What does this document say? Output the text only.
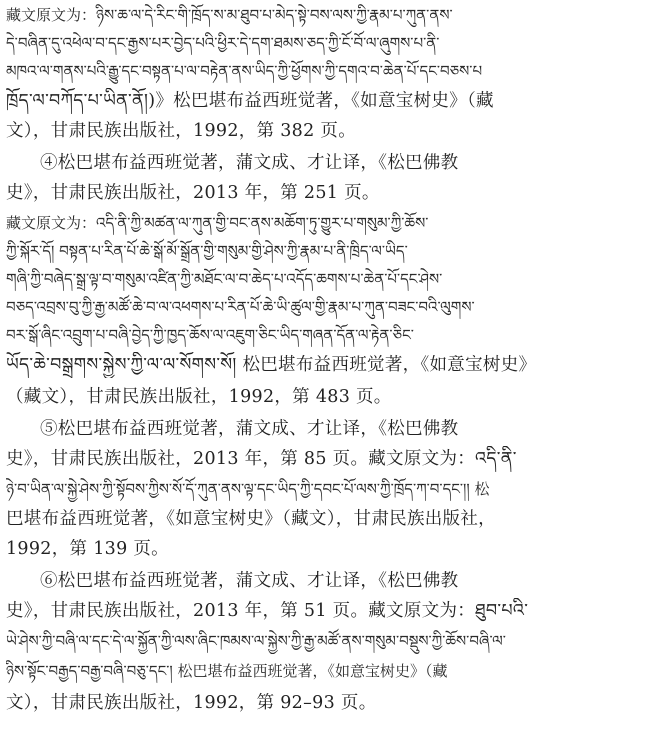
藏文原文为：ཉིས་ཆ་ལ་དེ་རིང་གི་ཁྲོད་ས་མ་ཐུབ་པ་མེད་སྟེ་བས་ལས་ཀྱི་རྣམ་པ་ཀུན་ནས་
དེ་བཞིན་དུ་འཕེལ་བ་དང་རྒྱས་པར་བྱེད་པའི་ཕྱིར་དེ་དག་ཐམས་ཅད་ཀྱི་ངོ་བོ་ལ་ཞུགས་པ་ནི་
མཁའ་ལ་གནས་པའི་རྒྱུ་དང་བསྟན་པ་ལ་བརྟེན་ནས་ཡིད་ཀྱི་ཕྱོགས་ཀྱི་དགའ་བ་ཆེན་པོ་དང་བཅས་པ
ཁྲོད་ལ་བཀོད་པ་ཡིན་ནོ།)》松巴堪布益西班觉著，《如意宝树史》（藏
文），甘肃民族出版社，1992，第 382 页。
④松巴堪布益西班觉著，蒲文成、才让译，《松巴佛教
史》，甘肃民族出版社，2013 年，第 251 页。
藏文原文为：འདི་ནི་ཀྱི་མཚན་ལ་ཀུན་གྱི་བང་ནས་མཆོག་ཏུ་གྱུར་པ་གསུམ་ཀྱི་ཆོས་
ཀྱི་སྐོར་དོ། བསྟན་པ་རིན་པོ་ཆེ་སྒོ་མོ་སྒྲོན་གྱི་གསུམ་གྱི་ཤེས་ཀྱི་རྣམ་པ་ནི་ཁྲིད་ལ་ཡིད་
གཞི་ཀྱི་བཞེད་སྒྲ་ལྟ་བ་གསུམ་འཛིན་ཀྱི་མཐོང་ལ་བ་ཆེད་པ་འདོད་ཆགས་པ་ཆེན་པོ་དང་ཤེས་
བཅད་འབྲས་བུ་ཀྱི་རྒྱ་མཚོ་ཆེ་བ་ལ་འཕགས་པ་རིན་པོ་ཆེ་ཡི་ཚུལ་གྱི་རྣམ་པ་ཀུན་བཟང་བའི་ལུགས་
བར་སྒོ་ཞིང་འབྲུག་པ་བཞི་བྱེད་ཀྱི་ཁྱད་ཆོས་ལ་འཇུག་ཅིང་ཡིད་གཞན་དོན་ལ་རྟེན་ཅིང་
ཡོད་ཆེ་བསྒྲགས་སྐྱེས་ཀྱི་ལ་ལ་སོགས་སོ། 松巴堪布益西班觉著，《如意宝树史》
（藏文），甘肃民族出版社，1992，第 483 页。
⑤松巴堪布益西班觉著，蒲文成、才让译，《松巴佛教
史》，甘肃民族出版社，2013 年，第 85 页。藏文原文为：འདི་ནི་
ཉེ་བ་ཡིན་ལ་སྐྱེ་ཤེས་ཀྱི་སྟོབས་ཀྱིས་སོ་དོ་ཀུན་ནས་ལྟ་དང་ཡིད་ཀྱི་དབང་པོ་ལས་ཀྱི་ཁྲོད་ཀ་བ་དང་།། 松
巴堪布益西班觉著，《如意宝树史》（藏文），甘肃民族出版社，
1992，第 139 页。
⑥松巴堪布益西班觉著，蒲文成、才让译，《松巴佛教
史》，甘肃民族出版社，2013 年，第 51 页。藏文原文为：ཐུབ་པའི་
ཡེ་ཤེས་ཀྱི་བཞི་ལ་དང་དེ་ལ་སྐྱོན་ཀྱི་ལས་ཞིང་ཁམས་ལ་སྐྱེས་ཀྱི་རྒྱ་མཚོ་ནས་གསུམ་བསྡུས་ཀྱི་ཆོས་བཞི་ལ་
ཉིས་སྟོང་བརྒྱད་བརྒྱ་བཞི་བཅུ་དང་། 松巴堪布益西班觉著，《如意宝树史》（藏
文），甘肃民族出版社，1992，第 92–93 页。
